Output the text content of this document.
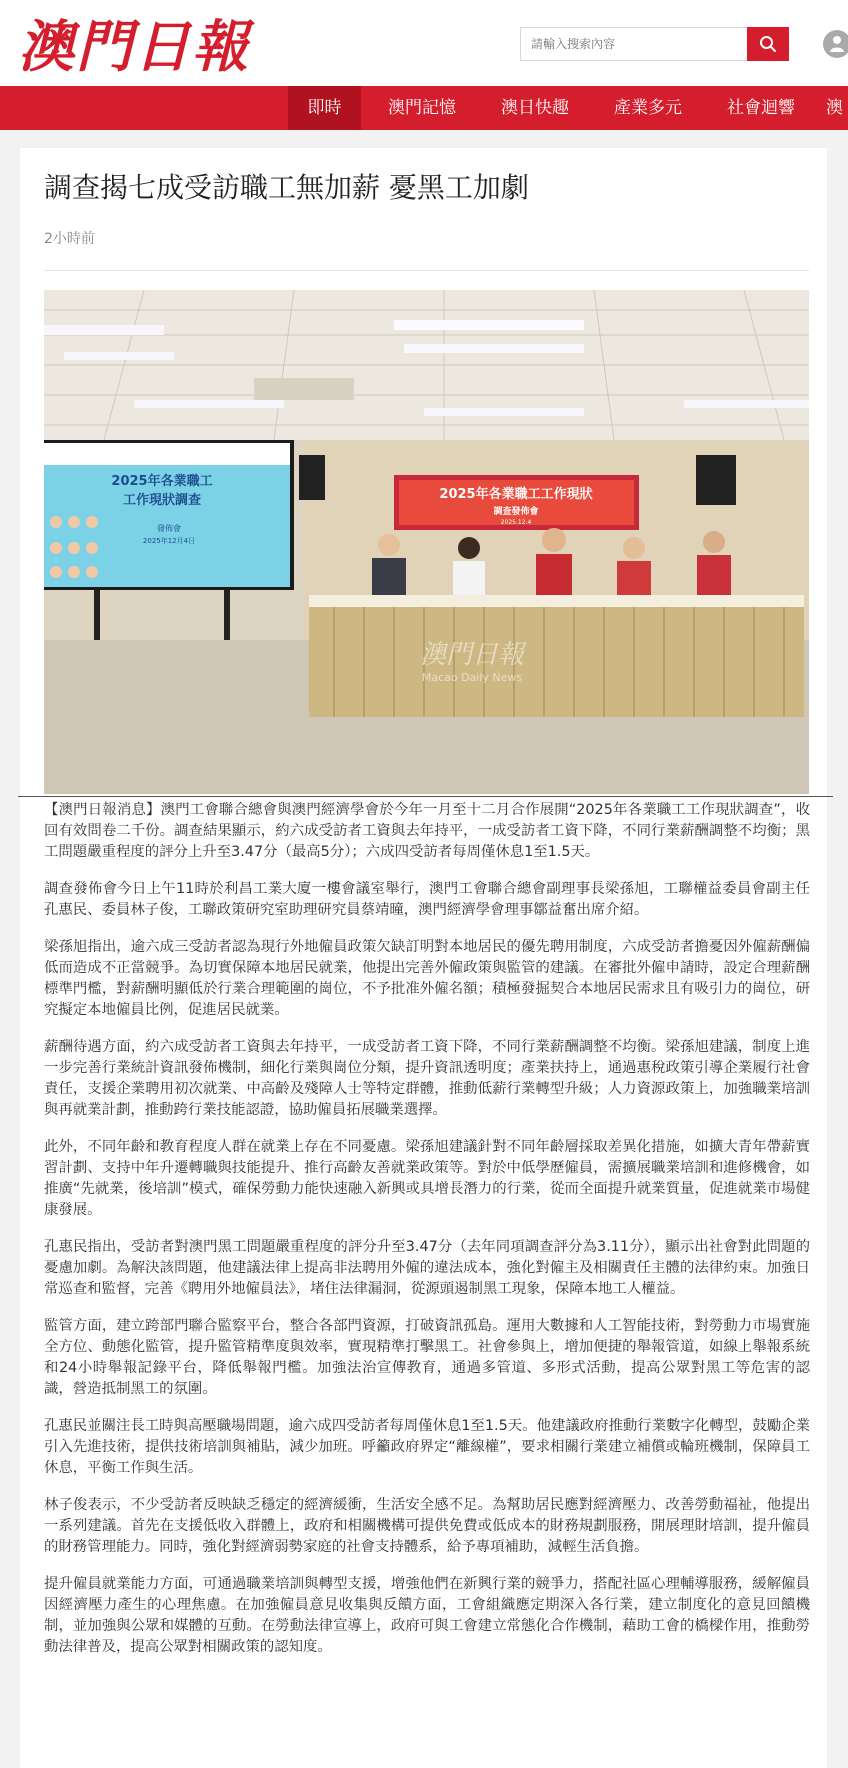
澳門日報
請輸入搜索內容
即時	澳門記憶	澳日快趣	產業多元	社會迴響	澳
調查揭七成受訪職工無加薪 憂黑工加劇
2小時前
2025年各業職工工作現狀
調查發佈會
2025.12.4
2025年各業職工
工作現狀調查
發佈會
2025年12月4日
澳門日報
Macao Daily News

【澳門日報消息】澳門工會聯合總會與澳門經濟學會於今年一月至十二月合作展開“2025年各業職工工作現狀調查”，收回有效問卷二千份。調查結果顯示，約六成受訪者工資與去年持平，一成受訪者工資下降，不同行業薪酬調整不均衡；黑工問題嚴重程度的評分上升至3.47分（最高5分）；六成四受訪者每周僅休息1至1.5天。

調查發佈會今日上午11時於利昌工業大廈一樓會議室舉行，澳門工會聯合總會副理事長梁孫旭，工聯權益委員會副主任孔惠民、委員林子俊，工聯政策研究室助理研究員蔡靖曈，澳門經濟學會理事鄒益奮出席介紹。

梁孫旭指出，逾六成三受訪者認為現行外地僱員政策欠缺訂明對本地居民的優先聘用制度，六成受訪者擔憂因外僱薪酬偏低而造成不正當競爭。為切實保障本地居民就業，他提出完善外僱政策與監管的建議。在審批外僱申請時，設定合理薪酬標準門檻，對薪酬明顯低於行業合理範圍的崗位，不予批准外僱名額；積極發掘契合本地居民需求且有吸引力的崗位，研究擬定本地僱員比例，促進居民就業。

薪酬待遇方面，約六成受訪者工資與去年持平，一成受訪者工資下降，不同行業薪酬調整不均衡。梁孫旭建議，制度上進一步完善行業統計資訊發佈機制，細化行業與崗位分類，提升資訊透明度；產業扶持上，通過惠稅政策引導企業履行社會責任，支援企業聘用初次就業、中高齡及殘障人士等特定群體，推動低薪行業轉型升級；人力資源政策上，加強職業培訓與再就業計劃，推動跨行業技能認證，協助僱員拓展職業選擇。

此外，不同年齡和教育程度人群在就業上存在不同憂慮。梁孫旭建議針對不同年齡層採取差異化措施，如擴大青年帶薪實習計劃、支持中年升遷轉職與技能提升、推行高齡友善就業政策等。對於中低學歷僱員，需擴展職業培訓和進修機會，如推廣“先就業，後培訓”模式，確保勞動力能快速融入新興或具增長潛力的行業，從而全面提升就業質量，促進就業市場健康發展。

孔惠民指出，受訪者對澳門黑工問題嚴重程度的評分升至3.47分（去年同項調查評分為3.11分），顯示出社會對此問題的憂慮加劇。為解決該問題，他建議法律上提高非法聘用外僱的違法成本，強化對僱主及相關責任主體的法律約束。加強日常巡查和監督，完善《聘用外地僱員法》，堵住法律漏洞，從源頭遏制黑工現象，保障本地工人權益。

監管方面，建立跨部門聯合監察平台，整合各部門資源，打破資訊孤島。運用大數據和人工智能技術，對勞動力市場實施全方位、動態化監管，提升監管精準度與效率，實現精準打擊黑工。社會參與上，增加便捷的舉報管道，如線上舉報系統和24小時舉報記錄平台，降低舉報門檻。加強法治宣傳教育，通過多管道、多形式活動，提高公眾對黑工等危害的認識，營造抵制黑工的氛圍。

孔惠民並關注長工時與高壓職場問題，逾六成四受訪者每周僅休息1至1.5天。他建議政府推動行業數字化轉型，鼓勵企業引入先進技術，提供技術培訓與補貼，減少加班。呼籲政府界定“離線權”，要求相關行業建立補償或輪班機制，保障員工休息，平衡工作與生活。

林子俊表示，不少受訪者反映缺乏穩定的經濟緩衝，生活安全感不足。為幫助居民應對經濟壓力、改善勞動福祉，他提出一系列建議。首先在支援低收入群體上，政府和相關機構可提供免費或低成本的財務規劃服務，開展理財培訓，提升僱員的財務管理能力。同時，強化對經濟弱勢家庭的社會支持體系，給予專項補助，減輕生活負擔。

提升僱員就業能力方面，可通過職業培訓與轉型支援，增強他們在新興行業的競爭力，搭配社區心理輔導服務，緩解僱員因經濟壓力產生的心理焦慮。在加強僱員意見收集與反饋方面，工會組織應定期深入各行業，建立制度化的意見回饋機制，並加強與公眾和媒體的互動。在勞動法律宣導上，政府可與工會建立常態化合作機制，藉助工會的橋樑作用，推動勞動法律普及，提高公眾對相關政策的認知度。
